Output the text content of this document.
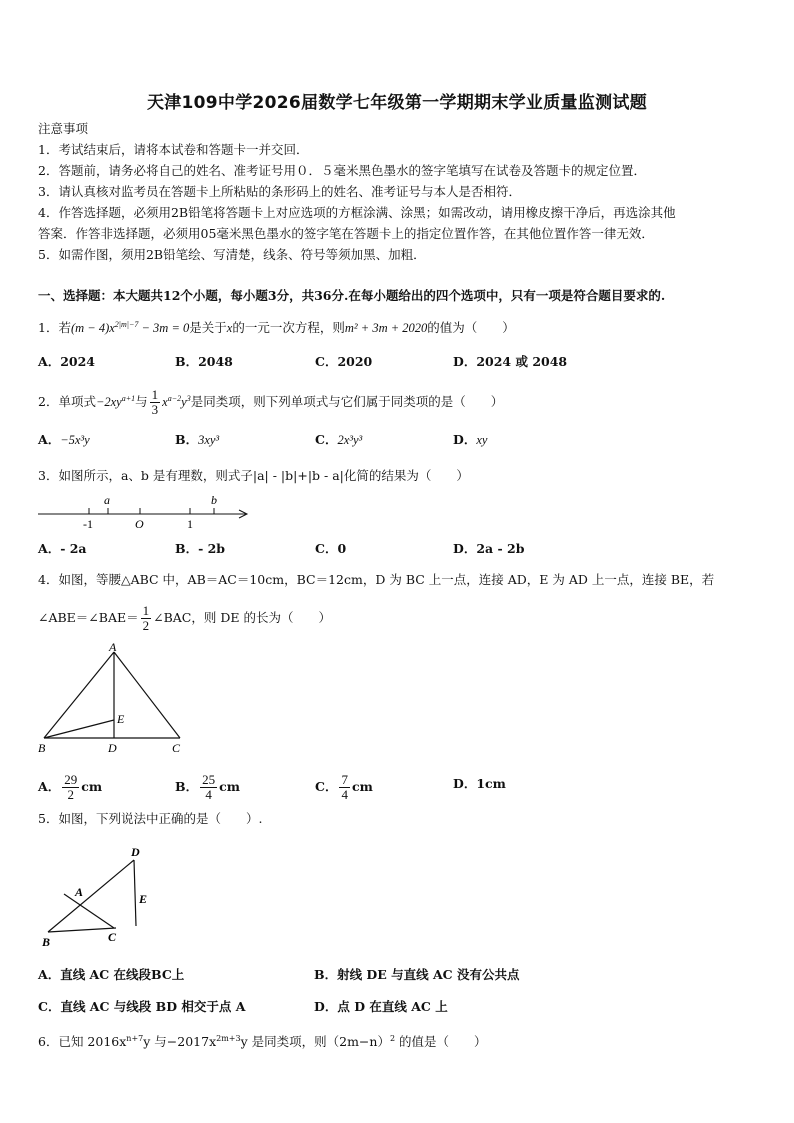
天津109中学2026届数学七年级第一学期期末学业质量监测试题
注意事项
1．考试结束后，请将本试卷和答题卡一并交回．
2．答题前，请务必将自己的姓名、准考证号用０．５毫米黑色墨水的签字笔填写在试卷及答题卡的规定位置．
3．请认真核对监考员在答题卡上所粘贴的条形码上的姓名、准考证号与本人是否相符．
4．作答选择题，必须用2B铅笔将答题卡上对应选项的方框涂满、涂黑；如需改动，请用橡皮擦干净后，再选涂其他
答案．作答非选择题，必须用05毫米黑色墨水的签字笔在答题卡上的指定位置作答，在其他位置作答一律无效．
5．如需作图，须用2B铅笔绘、写清楚，线条、符号等须加黑、加粗．
一、选择题：本大题共12个小题，每小题3分，共36分.在每小题给出的四个选项中，只有一项是符合题目要求的.
1．若$(m - 4)x^{2|m|-7} - 3m = 0$是关于x的一元一次方程，则m² + 3m + 2020的值为（　　）
A．2024	B．2048	C．2020	D．2024 或 2048
2．单项式$-2xy^{a+1}$与 $\frac{1}{3} x^{a-2}y^3$是同类项，则下列单项式与它们属于同类项的是（　　）
A．−5x³y	B．3xy³	C．2x³y³	D．xy
3．如图所示，a、b 是有理数，则式子|a| - |b|+|b - a|化简的结果为（　　）
a	b
-1	O	1
A．- 2a	B．- 2b	C．0	D．2a - 2b
4．如图，等腰△ABC 中，AB＝AC＝10cm，BC＝12cm，D 为 BC 上一点，连接 AD，E 为 AD 上一点，连接 BE，若
∠ABE＝∠BAE＝ $\frac{1}{2}$ ∠BAC，则 DE 的长为（　　）
A
E
B	D	C
A． $\frac{29}{2}$ cm	B． $\frac{25}{4}$ cm	C． $\frac{7}{4}$ cm	D．1cm
5．如图，下列说法中正确的是（　　）.
D
A	E
B	C
A．直线 AC 在线段BC上	B．射线 DE 与直线 AC 没有公共点
C．直线 AC 与线段 BD 相交于点 A	D．点 D 在直线 AC 上
6．已知 $2016x^{n+7}y$ 与$-2017x^{2m+3}y$ 是同类项，则$(2m-n)^2$ 的值是（　　）
